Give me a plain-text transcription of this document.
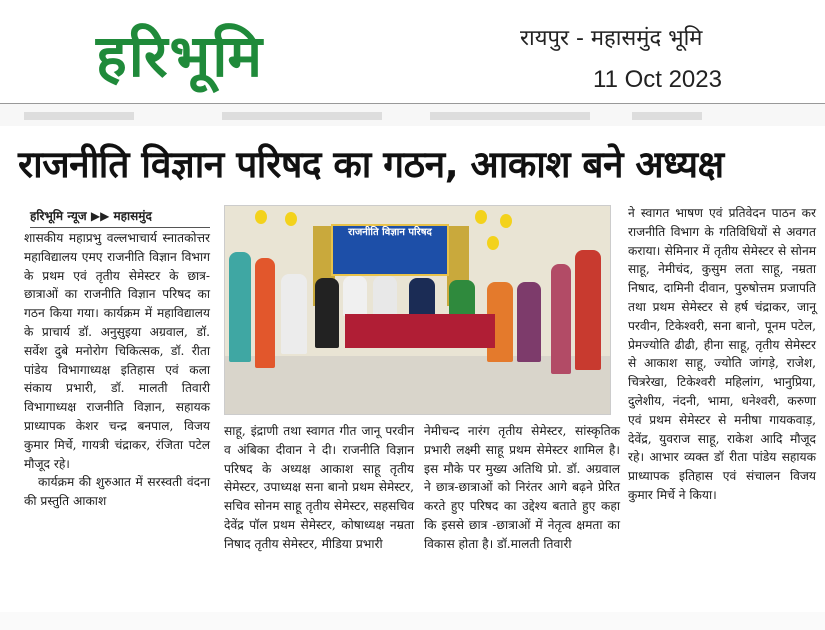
हरिभूमि	रायपुर - महासमुंद भूमि
11 Oct 2023
राजनीति विज्ञान परिषद का गठन, आकाश बने अध्यक्ष
हरिभूमि न्यूज ▶▶ महासमुंद

शासकीय महाप्रभु वल्लभाचार्य स्नातकोत्तर महाविद्यालय एमए राजनीति विज्ञान विभाग के प्रथम एवं तृतीय सेमेस्टर के छात्र-छात्राओं का राजनीति विज्ञान परिषद का गठन किया गया। कार्यक्रम में महाविद्यालय के प्राचार्य डॉ. अनुसुइया अग्रवाल, डॉ. सर्वेश दुबे मनोरोग चिकित्सक, डॉ. रीता पांडेय विभागाध्यक्ष इतिहास एवं कला संकाय प्रभारी, डॉ. मालती तिवारी विभागाध्यक्ष राजनीति विज्ञान, सहायक प्राध्यापक केशर चन्द्र बनपाल, विजय कुमार मिर्चे, गायत्री चंद्राकर, रंजिता पटेल मौजूद रहे।

कार्यक्रम की शुरुआत में सरस्वती वंदना की प्रस्तुति आकाश

राजनीति विज्ञान परिषद

साहू, इंद्राणी तथा स्वागत गीत जानू परवीन व अंबिका दीवान ने दी। राजनीति विज्ञान परिषद के अध्यक्ष आकाश साहू तृतीय सेमेस्टर, उपाध्यक्ष सना बानो प्रथम सेमेस्टर, सचिव सोनम साहू तृतीय सेमेस्टर, सहसचिव देवेंद्र पॉल प्रथम सेमेस्टर, कोषाध्यक्ष नम्रता निषाद तृतीय सेमेस्टर, मीडिया प्रभारी

नेमीचन्द नारंग तृतीय सेमेस्टर, सांस्कृतिक प्रभारी लक्ष्मी साहू प्रथम सेमेस्टर शामिल है। इस मौके पर मुख्य अतिथि प्रो. डॉ. अग्रवाल ने छात्र-छात्राओं को निरंतर आगे बढ़ने प्रेरित करते हुए परिषद का उद्देश्य बताते हुए कहा कि इससे छात्र -छात्राओं में नेतृत्व क्षमता का विकास होता है। डॉ.मालती तिवारी

ने स्वागत भाषण एवं प्रतिवेदन पाठन कर राजनीति विभाग के गतिविधियों से अवगत कराया। सेमिनार में तृतीय सेमेस्टर से सोनम साहू, नेमीचंद, कुसुम लता साहू, नम्रता निषाद, दामिनी दीवान, पुरुषोत्तम प्रजापति तथा प्रथम सेमेस्टर से हर्ष चंद्राकर, जानू परवीन, टिकेश्वरी, सना बानो, पूनम पटेल, प्रेमज्योति ढीढी, हीना साहू, तृतीय सेमेस्टर से आकाश साहू, ज्योति जांगड़े, राजेश, चित्ररेखा, टिकेश्वरी महिलांग, भानुप्रिया, दुलेशीय, नंदनी, भामा, धनेश्वरी, करुणा एवं प्रथम सेमेस्टर से मनीषा गायकवाड़, देवेंद्र, युवराज साहू, राकेश आदि मौजूद रहे। आभार व्यक्त डॉ रीता पांडेय सहायक प्राध्यापक इतिहास एवं संचालन विजय कुमार मिर्चे ने किया।
